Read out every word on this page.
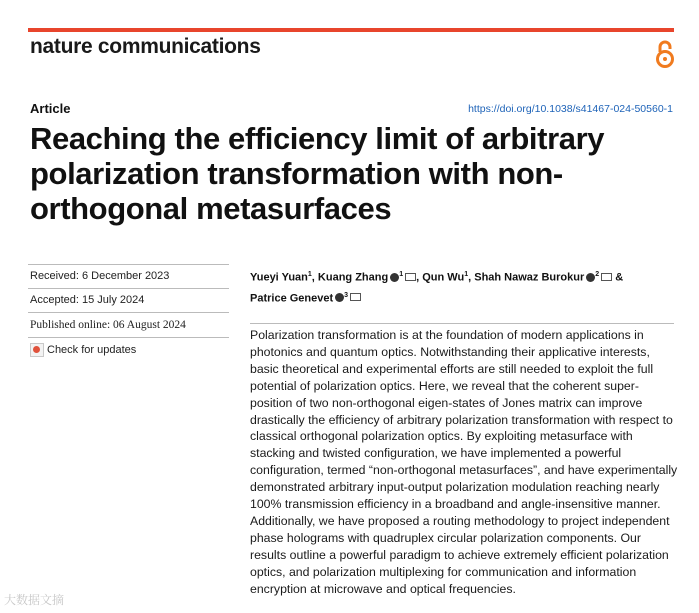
nature communications
Article	https://doi.org/10.1038/s41467-024-50560-1
Reaching the efficiency limit of arbitrary polarization transformation with non-orthogonal metasurfaces
Received: 6 December 2023
Accepted: 15 July 2024
Published online: 06 August 2024
Check for updates
Yueyi Yuan$^1$, Kuang Zhang $^1$ , Qun Wu$^1$, Shah Nawaz Burokur $^2$ &
Patrice Genevet $^3$

Polarization transformation is at the foundation of modern applications in photonics and quantum optics. Notwithstanding their applicative interests, basic theoretical and experimental efforts are still needed to exploit the full potential of polarization optics. Here, we reveal that the coherent super-position of two non-orthogonal eigen-states of Jones matrix can improve drastically the efficiency of arbitrary polarization transformation with respect to classical orthogonal polarization optics. By exploiting metasurface with stacking and twisted configuration, we have implemented a powerful configuration, termed “non-orthogonal metasurfaces”, and have experimentally demonstrated arbitrary input-output polarization modulation reaching nearly 100% transmission efficiency in a broadband and angle-insensitive manner. Additionally, we have proposed a routing methodology to project independent phase holograms with quadruplex circular polarization components. Our results outline a powerful paradigm to achieve extremely efficient polarization optics, and polarization multiplexing for communication and information encryption at microwave and optical frequencies.

大数据文摘
